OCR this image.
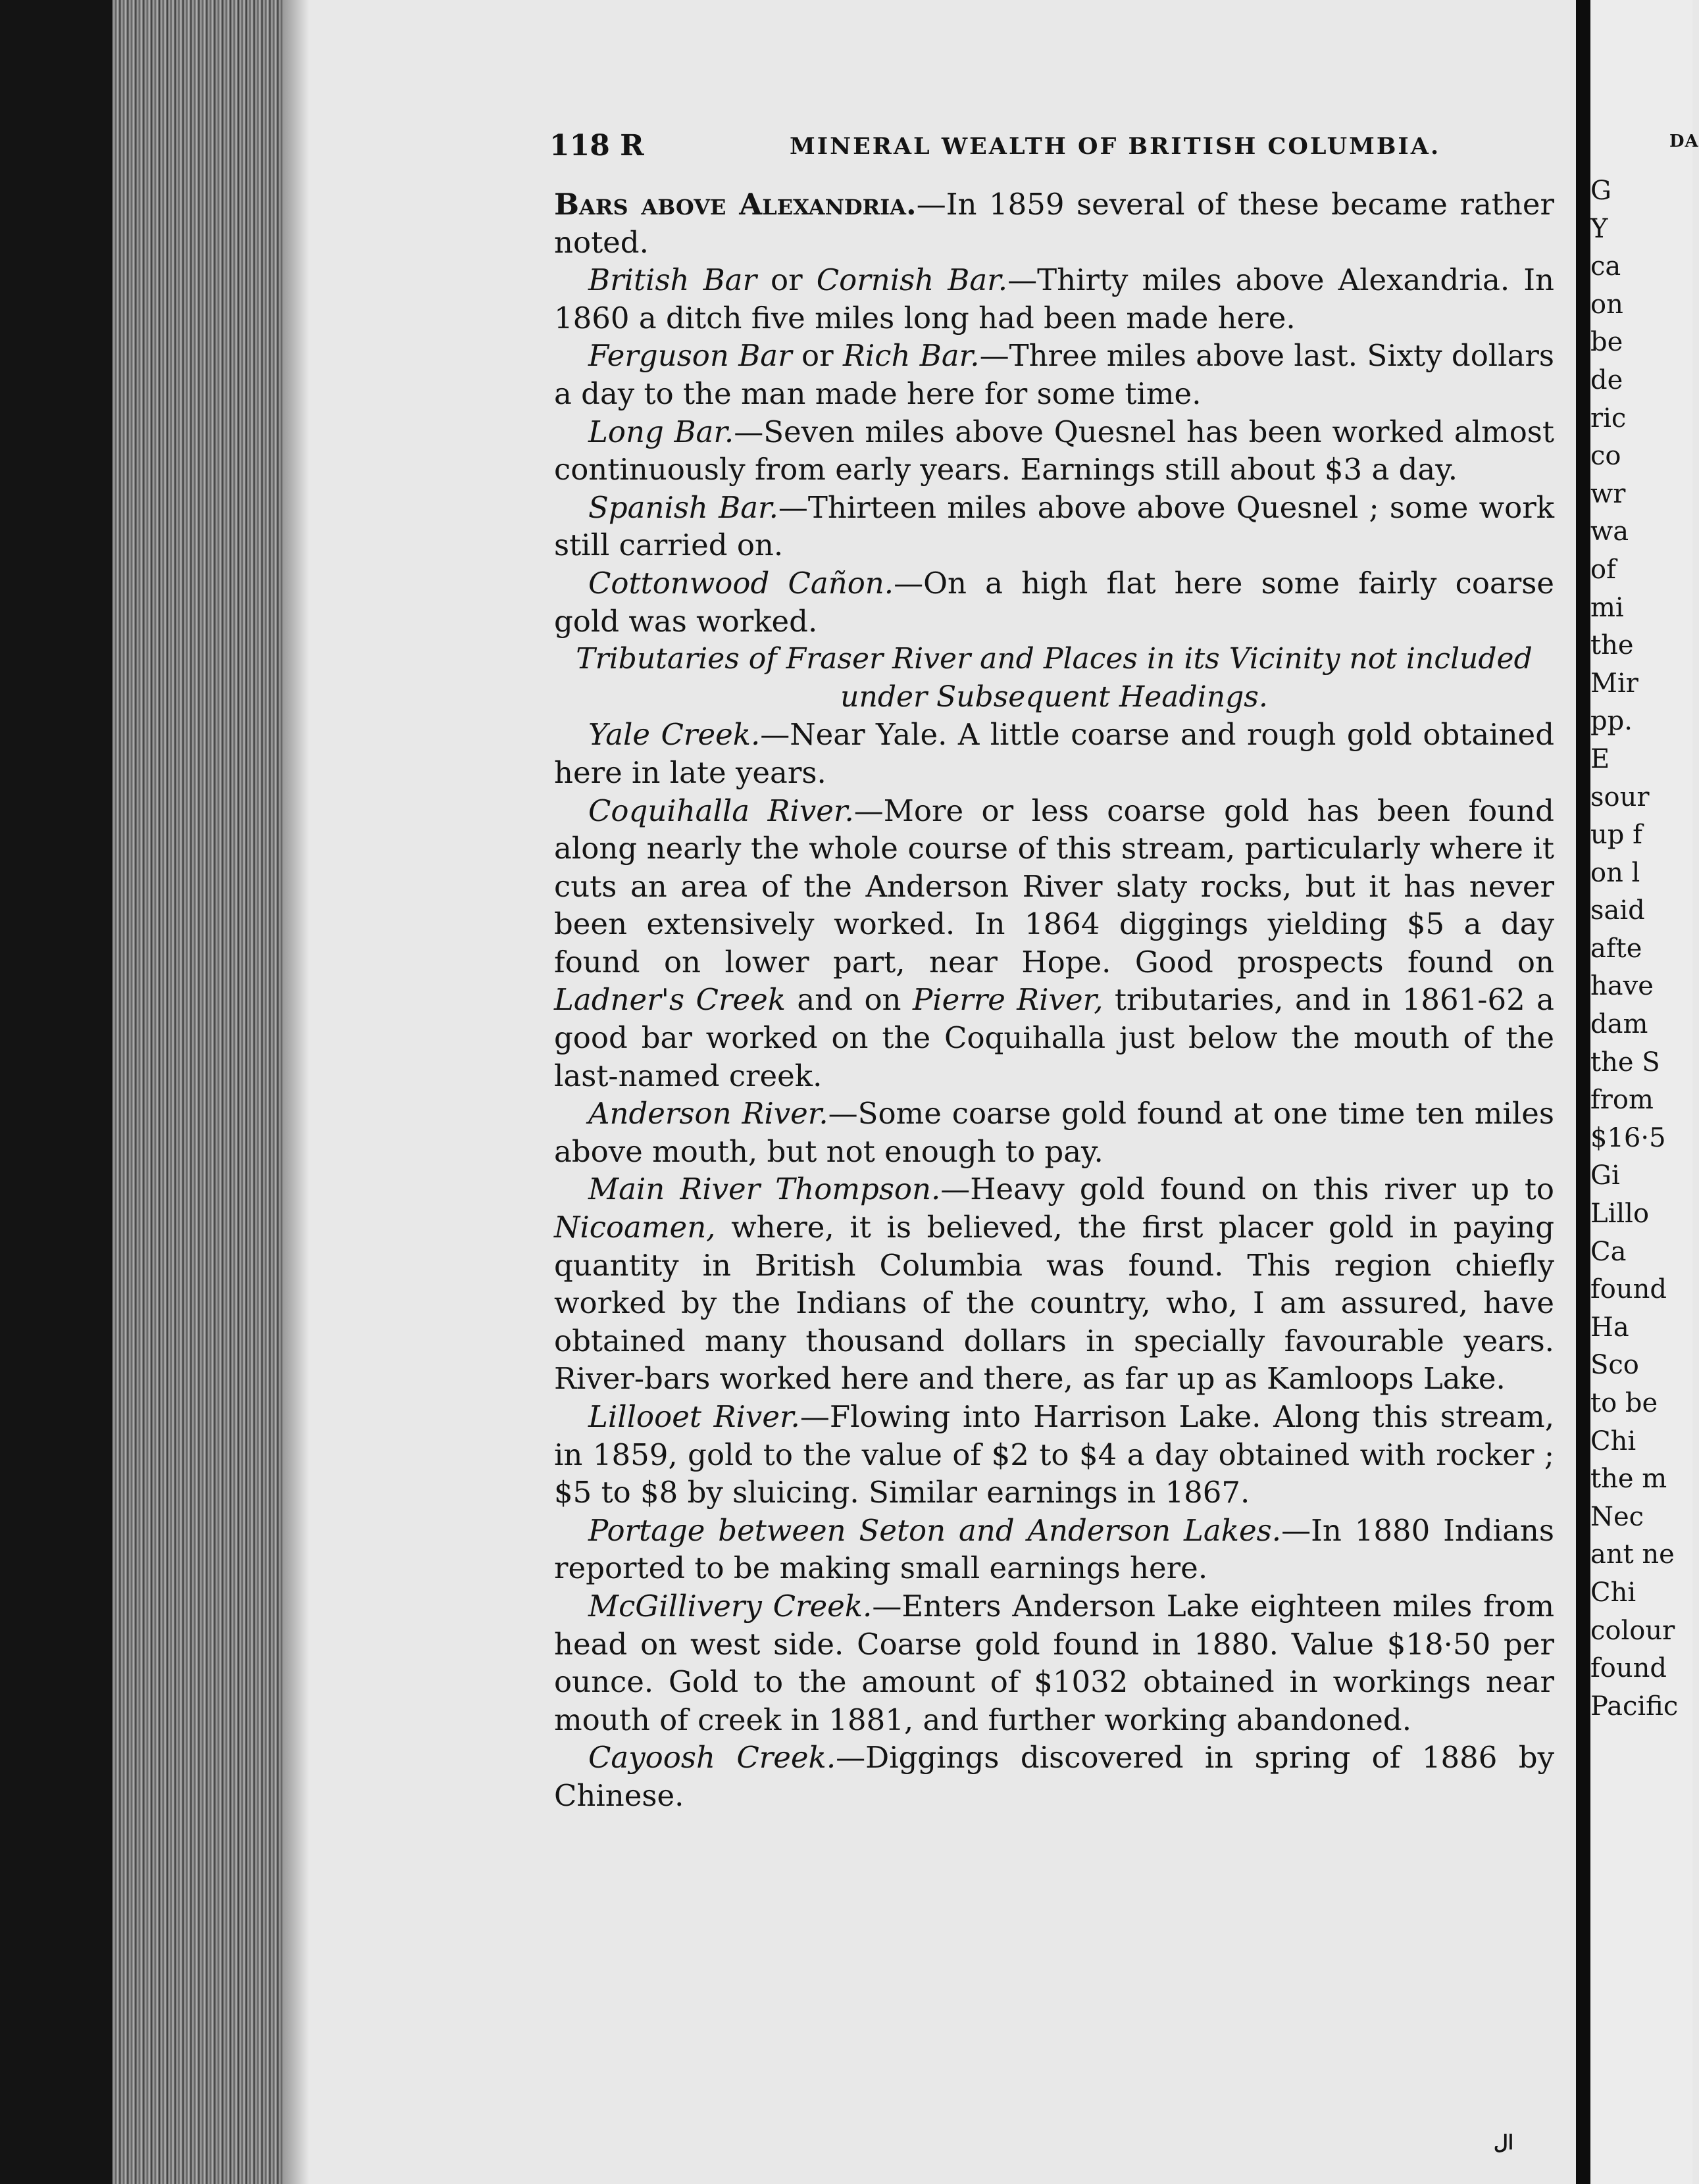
118 R	MINERAL WEALTH OF BRITISH COLUMBIA.

Bars above Alexandria.—In 1859 several of these became rather noted.

British Bar or Cornish Bar.—Thirty miles above Alexandria. In 1860 a ditch five miles long had been made here.

Ferguson Bar or Rich Bar.—Three miles above last. Sixty dollars a day to the man made here for some time.

Long Bar.—Seven miles above Quesnel has been worked almost continuously from early years. Earnings still about $3 a day.

Spanish Bar.—Thirteen miles above above Quesnel ; some work still carried on.

Cottonwood Cañon.—On a high flat here some fairly coarse gold was worked.

Tributaries of Fraser River and Places in its Vicinity not included under Subsequent Headings.

Yale Creek.—Near Yale. A little coarse and rough gold obtained here in late years.

Coquihalla River.—More or less coarse gold has been found along nearly the whole course of this stream, particularly where it cuts an area of the Anderson River slaty rocks, but it has never been extensively worked. In 1864 diggings yielding $5 a day found on lower part, near Hope. Good prospects found on Ladner's Creek and on Pierre River, tributaries, and in 1861-62 a good bar worked on the Coquihalla just below the mouth of the last-named creek.

Anderson River.—Some coarse gold found at one time ten miles above mouth, but not enough to pay.

Main River Thompson.—Heavy gold found on this river up to Nicoamen, where, it is believed, the first placer gold in paying quantity in British Columbia was found. This region chiefly worked by the Indians of the country, who, I am assured, have obtained many thousand dollars in specially favourable years. River-bars worked here and there, as far up as Kamloops Lake.

Lillooet River.—Flowing into Harrison Lake. Along this stream, in 1859, gold to the value of $2 to $4 a day obtained with rocker ; $5 to $8 by sluicing. Similar earnings in 1867.

Portage between Seton and Anderson Lakes.—In 1880 Indians reported to be making small earnings here.

McGillivery Creek.—Enters Anderson Lake eighteen miles from head on west side. Coarse gold found in 1880. Value $18·50 per ounce. Gold to the amount of $1032 obtained in workings near mouth of creek in 1881, and further working abandoned.

Cayoosh Creek.—Diggings discovered in spring of 1886 by Chinese.

ال
DA
G
Y
ca
on
be
de
ric
co
wr
wa
of
mi
the
Mir
pp.
E
sour
up f
on l
said
afte
have
dam
the S
from
$16·5
Gi
Lillo
Ca
found
Ha
Sco
to be
Chi
the m
Nec
ant ne
Chi
colour
found
Pacific
